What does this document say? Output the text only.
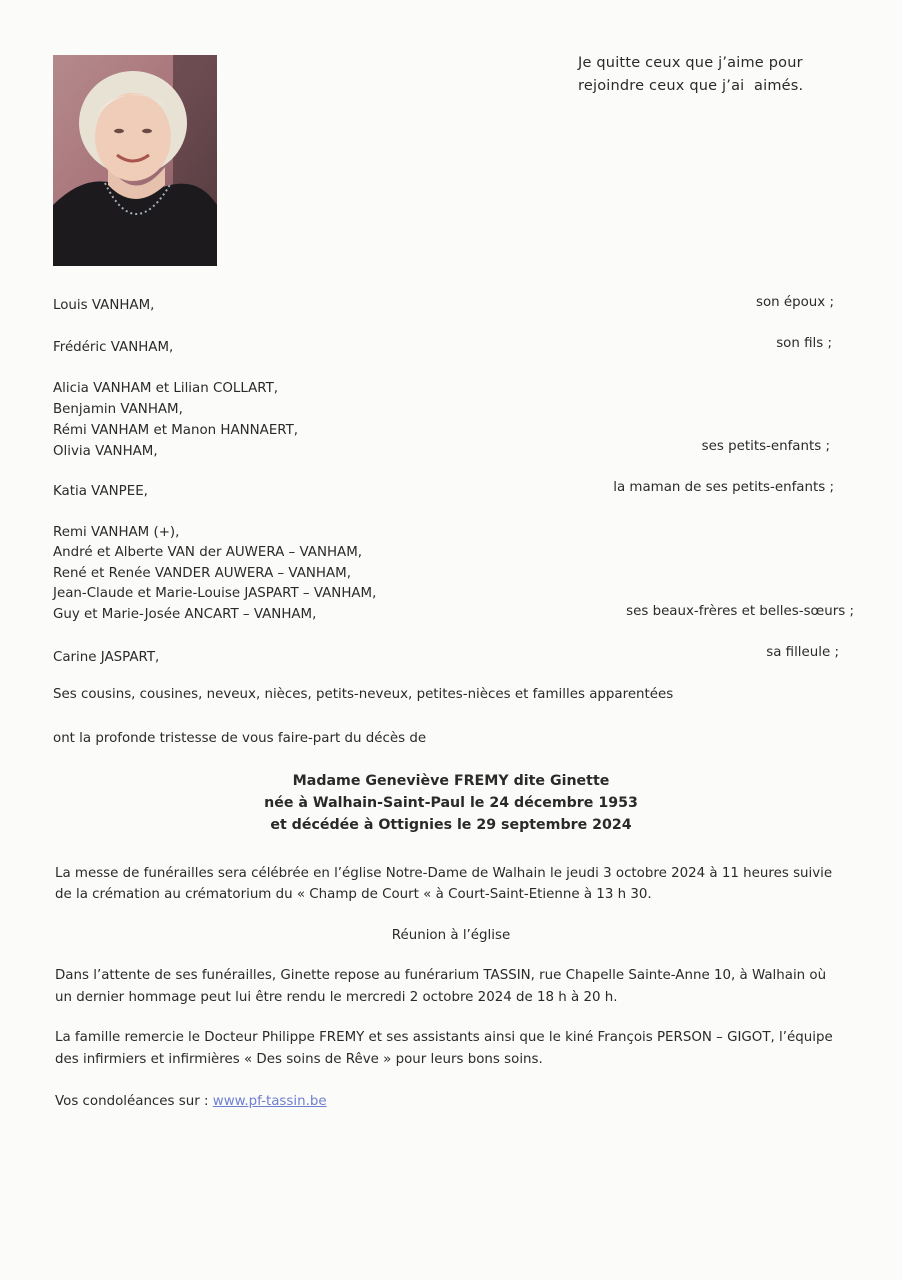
Je quitte ceux que j’aime pour
rejoindre ceux que j’ai  aimés.
Louis VANHAM,
Frédéric VANHAM,
Alicia VANHAM et Lilian COLLART,
Benjamin VANHAM,
Rémi VANHAM et Manon HANNAERT,
Olivia VANHAM,
Katia VANPEE,
Remi VANHAM (+),
André et Alberte VAN der AUWERA – VANHAM,
René et Renée VANDER AUWERA – VANHAM,
Jean-Claude et Marie-Louise JASPART – VANHAM,
Guy et Marie-Josée ANCART – VANHAM,
Carine JASPART,
son époux ;
son fils ;
ses petits-enfants ;
la maman de ses petits-enfants ;
ses beaux-frères et belles-sœurs ;
sa filleule ;
Ses cousins, cousines, neveux, nièces, petits-neveux, petites-nièces et familles apparentées
ont la profonde tristesse de vous faire-part du décès de
Madame Geneviève FREMY dite Ginette
née à Walhain-Saint-Paul le 24 décembre 1953
et décédée à Ottignies le 29 septembre 2024
La messe de funérailles sera célébrée en l’église Notre-Dame de Walhain le jeudi 3 octobre 2024 à 11 heures suivie
de la crémation au crématorium du « Champ de Court « à Court-Saint-Etienne à 13 h 30.
Réunion à l’église
Dans l’attente de ses funérailles, Ginette repose au funérarium TASSIN, rue Chapelle Sainte-Anne 10, à Walhain où
un dernier hommage peut lui être rendu le mercredi 2 octobre 2024 de 18 h à 20 h.
La famille remercie le Docteur Philippe FREMY et ses assistants ainsi que le kiné François PERSON – GIGOT, l’équipe
des infirmiers et infirmières « Des soins de Rêve » pour leurs bons soins.
Vos condoléances sur : www.pf-tassin.be
